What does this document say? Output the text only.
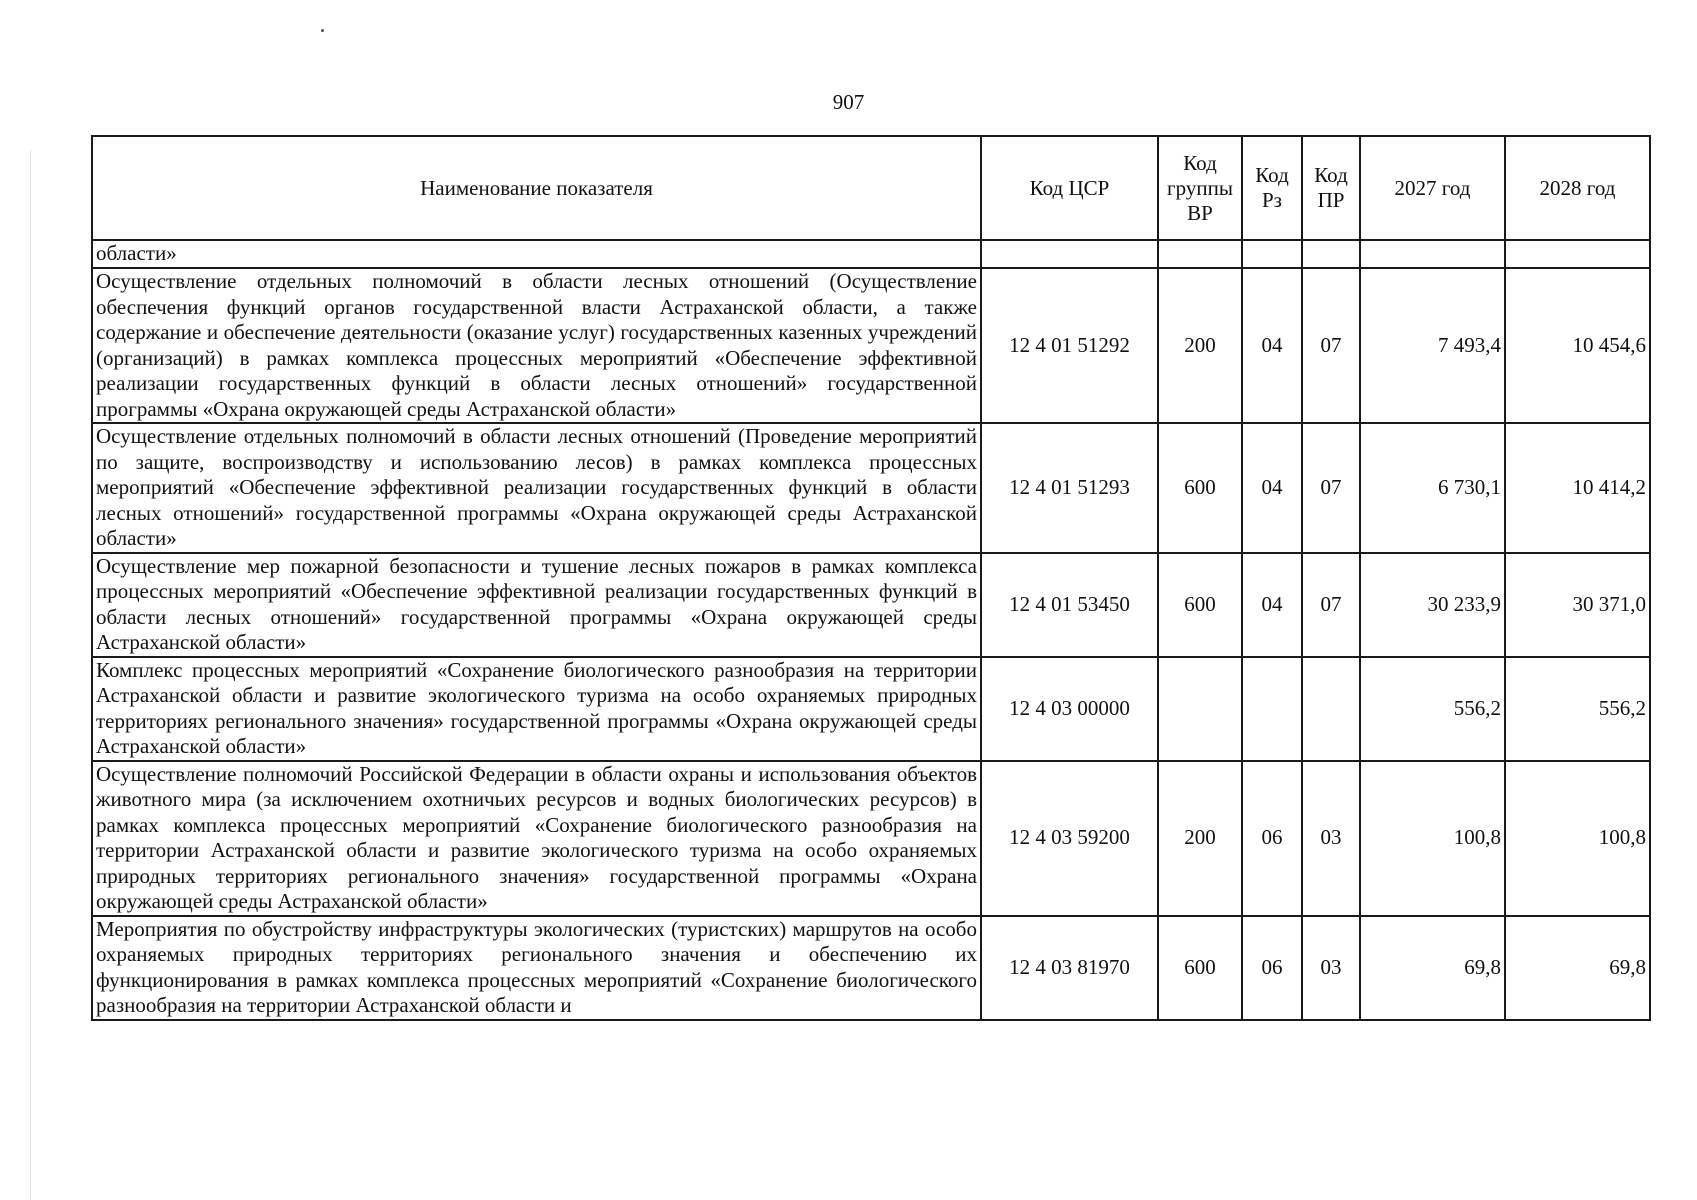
907
Наименование показателя	Код ЦСР	Код группы ВР	Код Рз	Код ПР	2027 год	2028 год
области»						
Осуществление отдельных полномочий в области лесных отношений (Осуществление обеспечения функций органов государственной власти Астраханской области, а также содержание и обеспечение деятельности (оказание услуг) государственных казенных учреждений (организаций) в рамках комплекса процессных мероприятий «Обеспечение эффективной реализации государственных функций в области лесных отношений» государственной программы «Охрана окружающей среды Астраханской области»	12 4 01 51292	200	04	07	7 493,4	10 454,6
Осуществление отдельных полномочий в области лесных отношений (Проведение мероприятий по защите, воспроизводству и использованию лесов) в рамках комплекса процессных мероприятий «Обеспечение эффективной реализации государственных функций в области лесных отношений» государственной программы «Охрана окружающей среды Астраханской области»	12 4 01 51293	600	04	07	6 730,1	10 414,2
Осуществление мер пожарной безопасности и тушение лесных пожаров в рамках комплекса процессных мероприятий «Обеспечение эффективной реализации государственных функций в области лесных отношений» государственной программы «Охрана окружающей среды Астраханской области»	12 4 01 53450	600	04	07	30 233,9	30 371,0
Комплекс процессных мероприятий «Сохранение биологического разнообразия на территории Астраханской области и развитие экологического туризма на особо охраняемых природных территориях регионального значения» государственной программы «Охрана окружающей среды Астраханской области»	12 4 03 00000				556,2	556,2
Осуществление полномочий Российской Федерации в области охраны и использования объектов животного мира (за исключением охотничьих ресурсов и водных биологических ресурсов) в рамках комплекса процессных мероприятий «Сохранение биологического разнообразия на территории Астраханской области и развитие экологического туризма на особо охраняемых природных территориях регионального значения» государственной программы «Охрана окружающей среды Астраханской области»	12 4 03 59200	200	06	03	100,8	100,8
Мероприятия по обустройству инфраструктуры экологических (туристских) маршрутов на особо охраняемых природных территориях регионального значения и обеспечению их функционирования в рамках комплекса процессных мероприятий «Сохранение биологического разнообразия на территории Астраханской области и	12 4 03 81970	600	06	03	69,8	69,8
